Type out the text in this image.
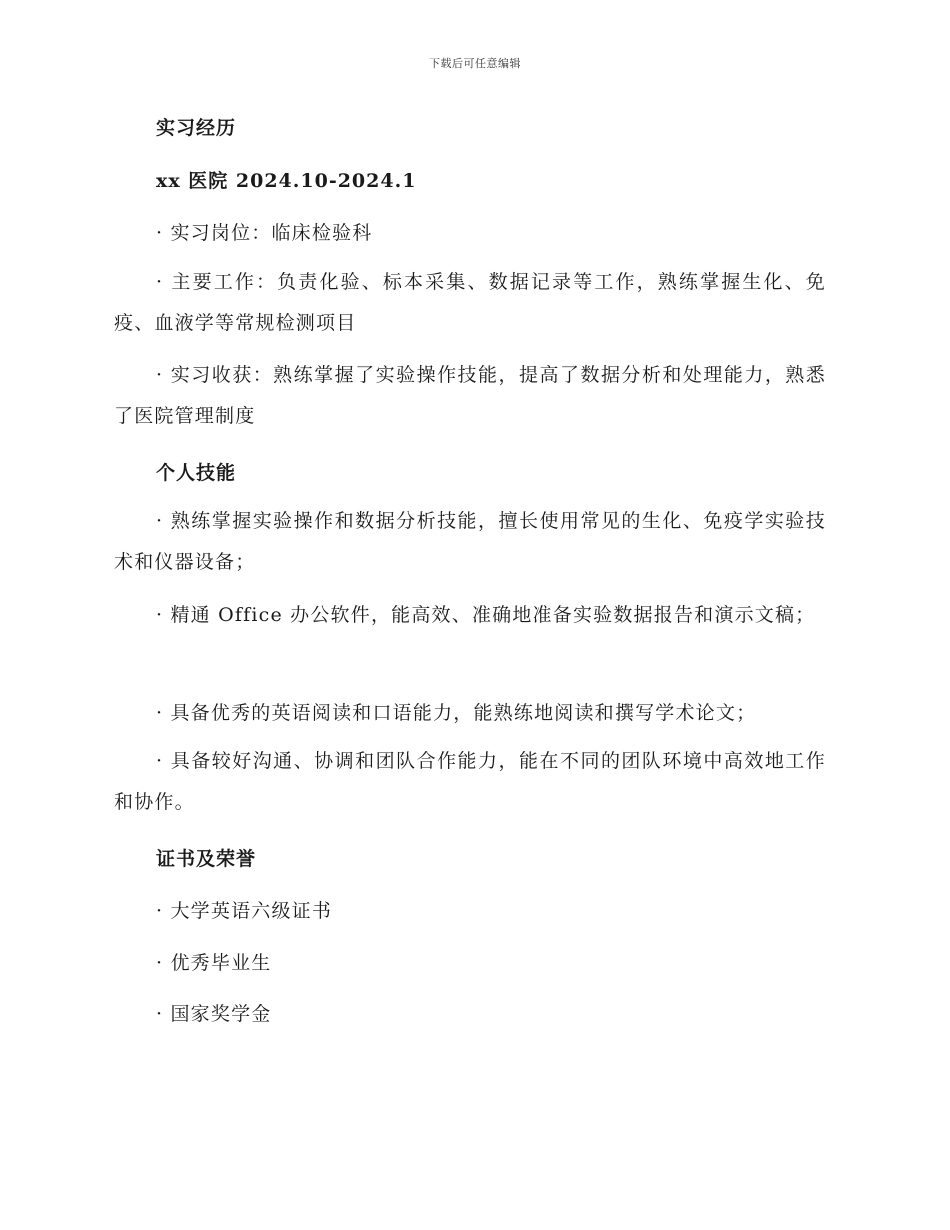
下载后可任意编辑
实习经历
xx 医院 2024.10-2024.1
· 实习岗位：临床检验科
· 主要工作：负责化验、标本采集、数据记录等工作，熟练掌握生化、免疫、血液学等常规检测项目
· 实习收获：熟练掌握了实验操作技能，提高了数据分析和处理能力，熟悉了医院管理制度
个人技能
· 熟练掌握实验操作和数据分析技能，擅长使用常见的生化、免疫学实验技术和仪器设备；
· 精通 Office 办公软件，能高效、准确地准备实验数据报告和演示文稿；
· 具备优秀的英语阅读和口语能力，能熟练地阅读和撰写学术论文；
· 具备较好沟通、协调和团队合作能力，能在不同的团队环境中高效地工作和协作。
证书及荣誉
· 大学英语六级证书
· 优秀毕业生
· 国家奖学金
